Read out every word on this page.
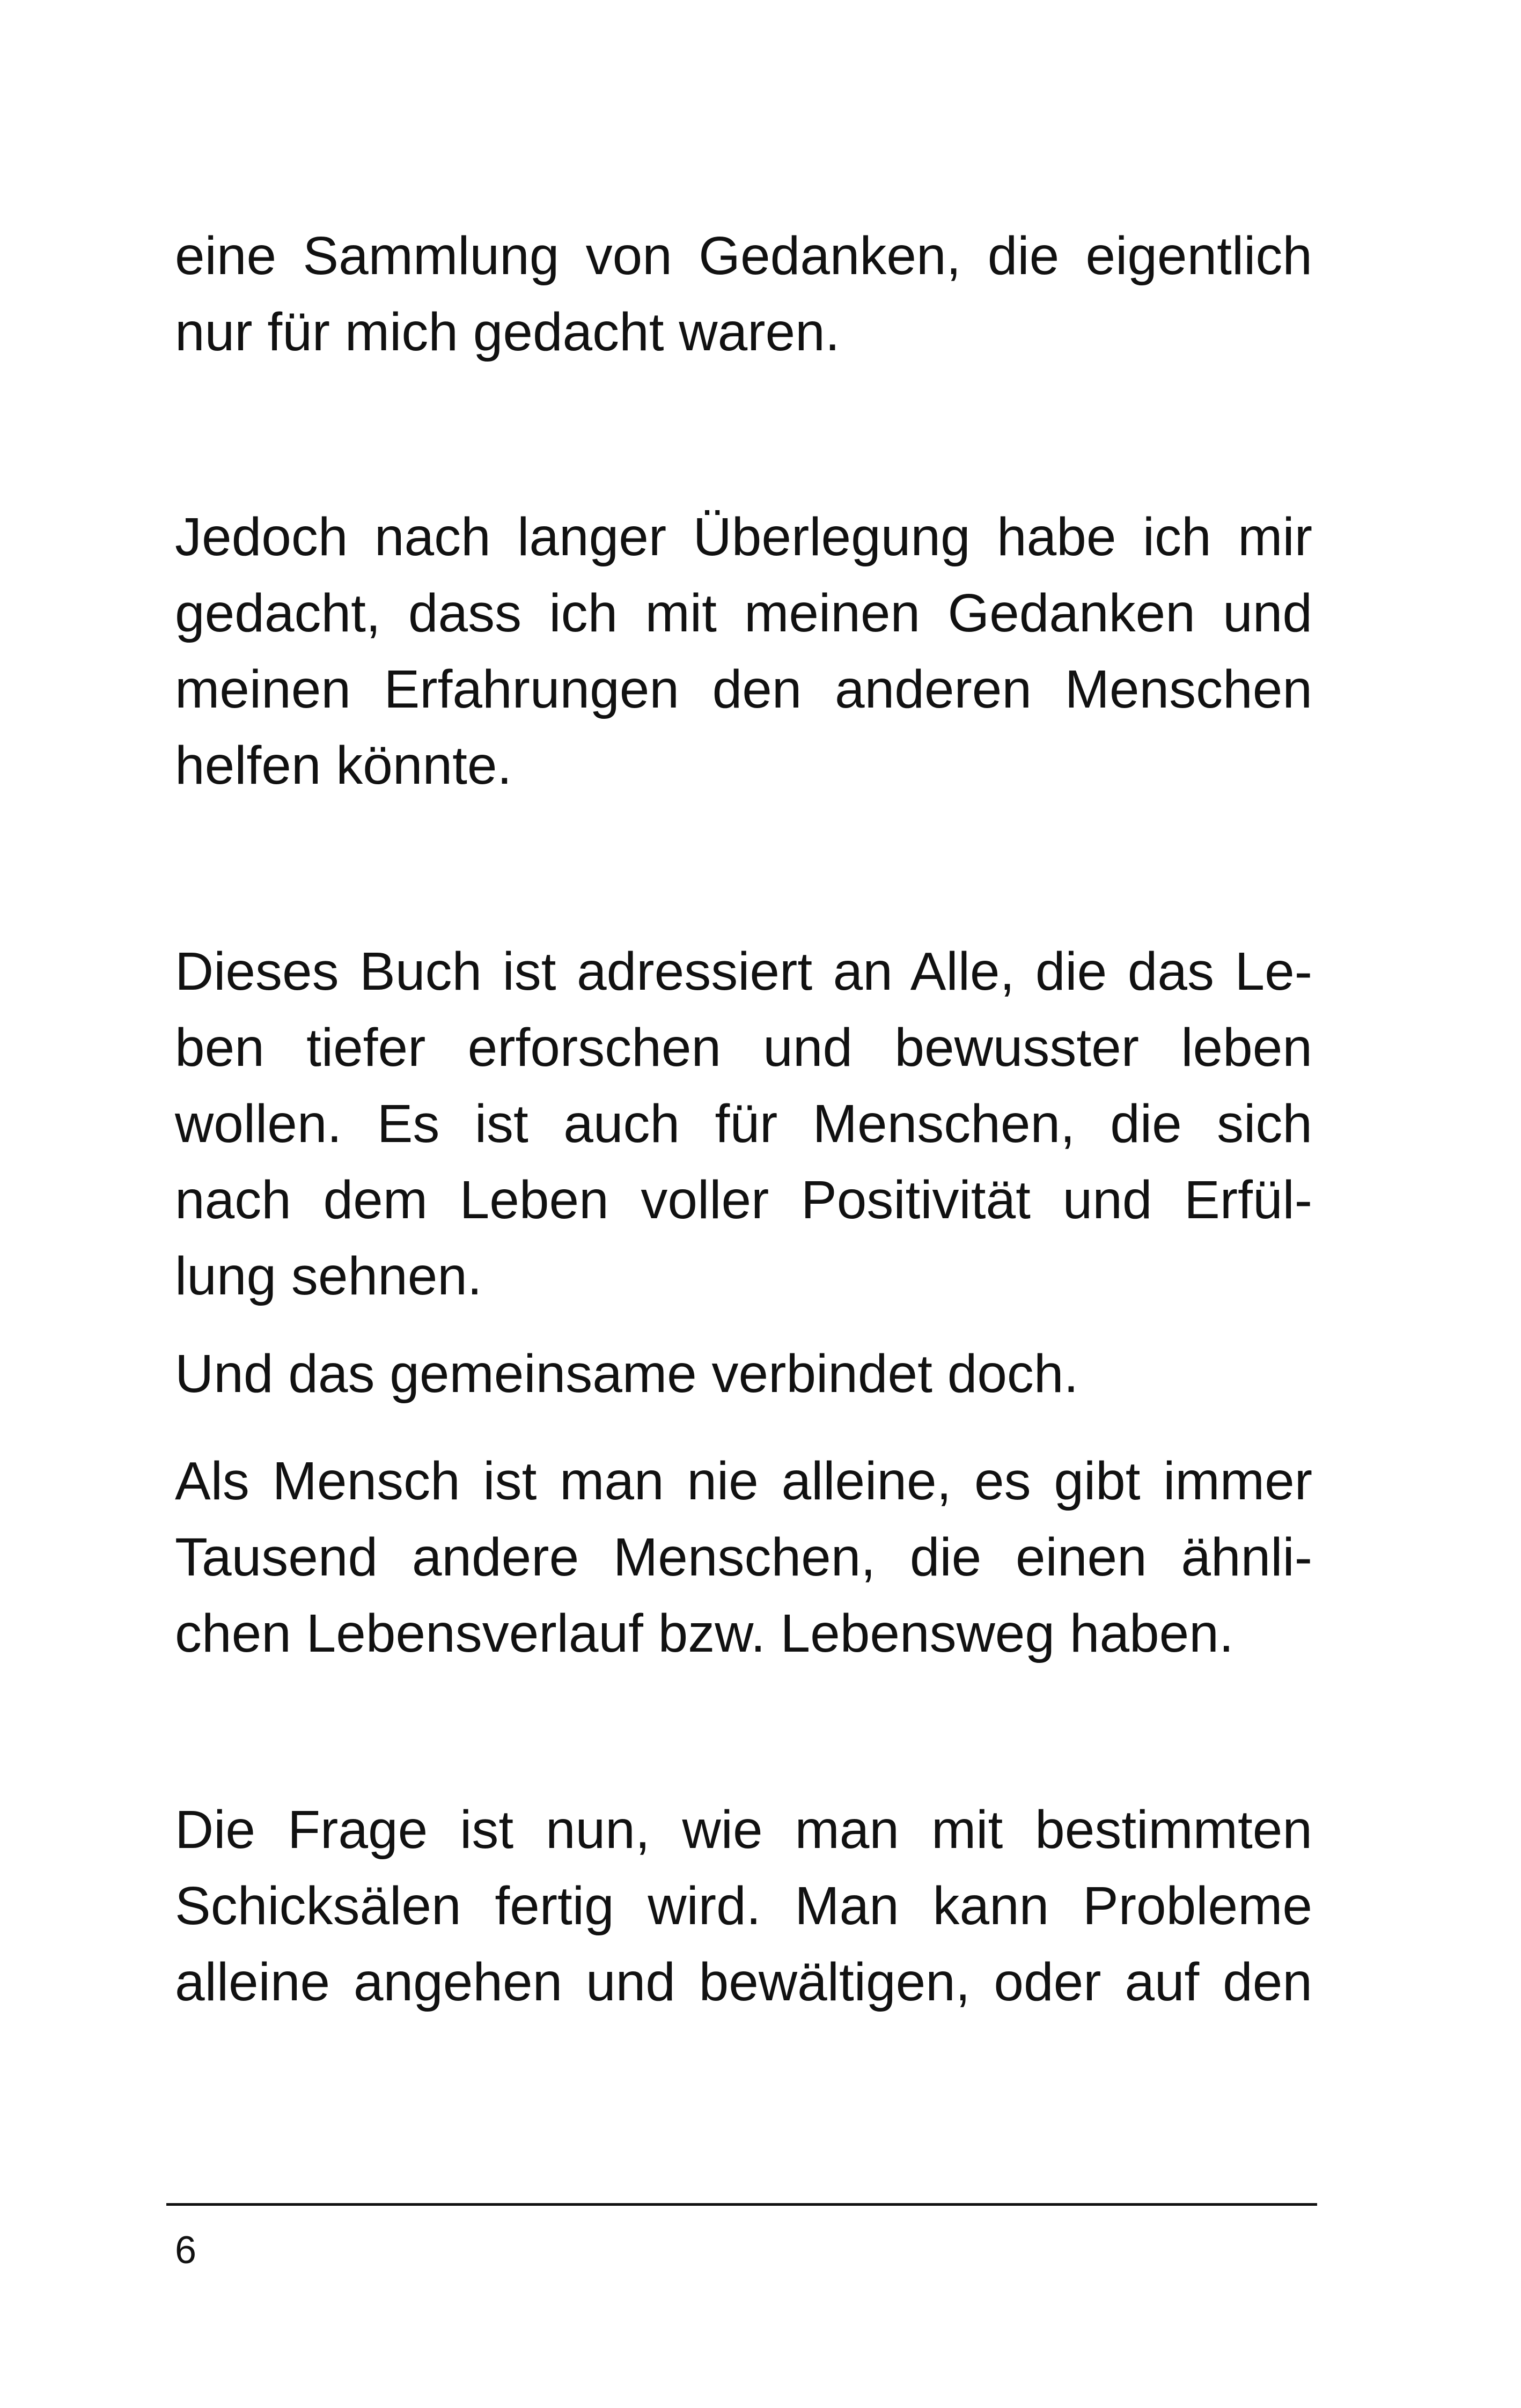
eine Sammlung von Gedanken, die eigentlich
nur für mich gedacht waren.
Jedoch nach langer Überlegung habe ich mir
gedacht, dass ich mit meinen Gedanken und
meinen Erfahrungen den anderen Menschen
helfen könnte.
Dieses Buch ist adressiert an Alle, die das Le-
ben tiefer erforschen und bewusster leben
wollen. Es ist auch für Menschen, die sich
nach dem Leben voller Positivität und Erfül-
lung sehnen.
Und das gemeinsame verbindet doch.
Als Mensch ist man nie alleine, es gibt immer
Tausend andere Menschen, die einen ähnli-
chen Lebensverlauf bzw. Lebensweg haben.
Die Frage ist nun, wie man mit bestimmten
Schicksälen fertig wird. Man kann Probleme
alleine angehen und bewältigen, oder auf den
6
